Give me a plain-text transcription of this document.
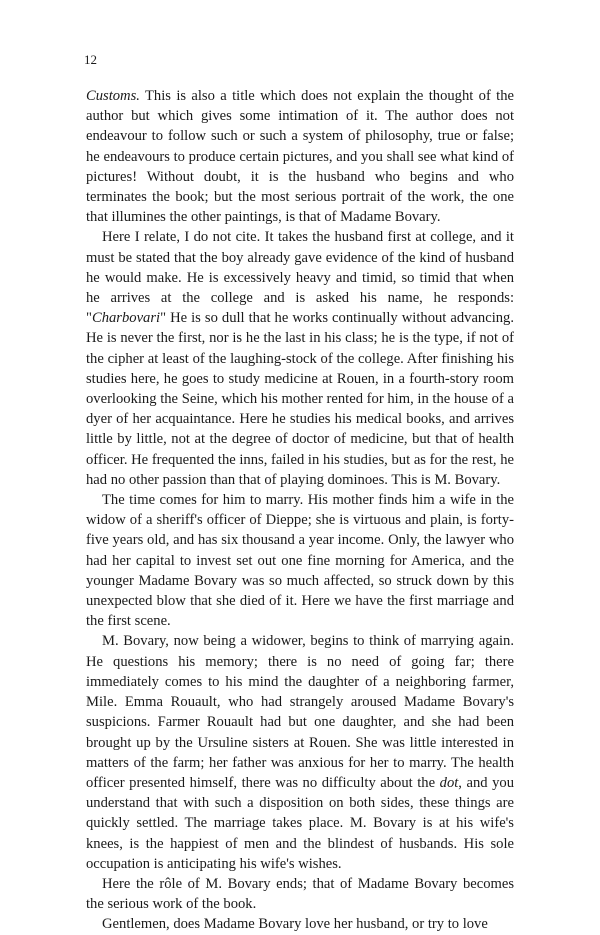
12

Customs. This is also a title which does not explain the thought of the author but which gives some intimation of it. The author does not endeavour to follow such or such a system of philosophy, true or false; he endeavours to produce certain pictures, and you shall see what kind of pictures! Without doubt, it is the husband who begins and who terminates the book; but the most serious portrait of the work, the one that illumines the other paintings, is that of Madame Bovary.

Here I relate, I do not cite. It takes the husband first at college, and it must be stated that the boy already gave evidence of the kind of husband he would make. He is excessively heavy and timid, so timid that when he arrives at the college and is asked his name, he responds: "Charbovari" He is so dull that he works continually without advancing. He is never the first, nor is he the last in his class; he is the type, if not of the cipher at least of the laughing-stock of the college. After finishing his studies here, he goes to study medicine at Rouen, in a fourth-story room overlooking the Seine, which his mother rented for him, in the house of a dyer of her acquaintance. Here he studies his medical books, and arrives little by little, not at the degree of doctor of medicine, but that of health officer. He frequented the inns, failed in his studies, but as for the rest, he had no other passion than that of playing dominoes. This is M. Bovary.

The time comes for him to marry. His mother finds him a wife in the widow of a sheriff's officer of Dieppe; she is virtuous and plain, is forty-five years old, and has six thousand a year income. Only, the lawyer who had her capital to invest set out one fine morning for America, and the younger Madame Bovary was so much affected, so struck down by this unexpected blow that she died of it. Here we have the first marriage and the first scene.

M. Bovary, now being a widower, begins to think of marrying again. He questions his memory; there is no need of going far; there immediately comes to his mind the daughter of a neighboring farmer, Mile. Emma Rouault, who had strangely aroused Madame Bovary's suspicions. Farmer Rouault had but one daughter, and she had been brought up by the Ursuline sisters at Rouen. She was little interested in matters of the farm; her father was anxious for her to marry. The health officer presented himself, there was no difficulty about the dot, and you understand that with such a disposition on both sides, these things are quickly settled. The marriage takes place. M. Bovary is at his wife's knees, is the happiest of men and the blindest of husbands. His sole occupation is anticipating his wife's wishes.

Here the rôle of M. Bovary ends; that of Madame Bovary becomes the serious work of the book.

Gentlemen, does Madame Bovary love her husband, or try to love
